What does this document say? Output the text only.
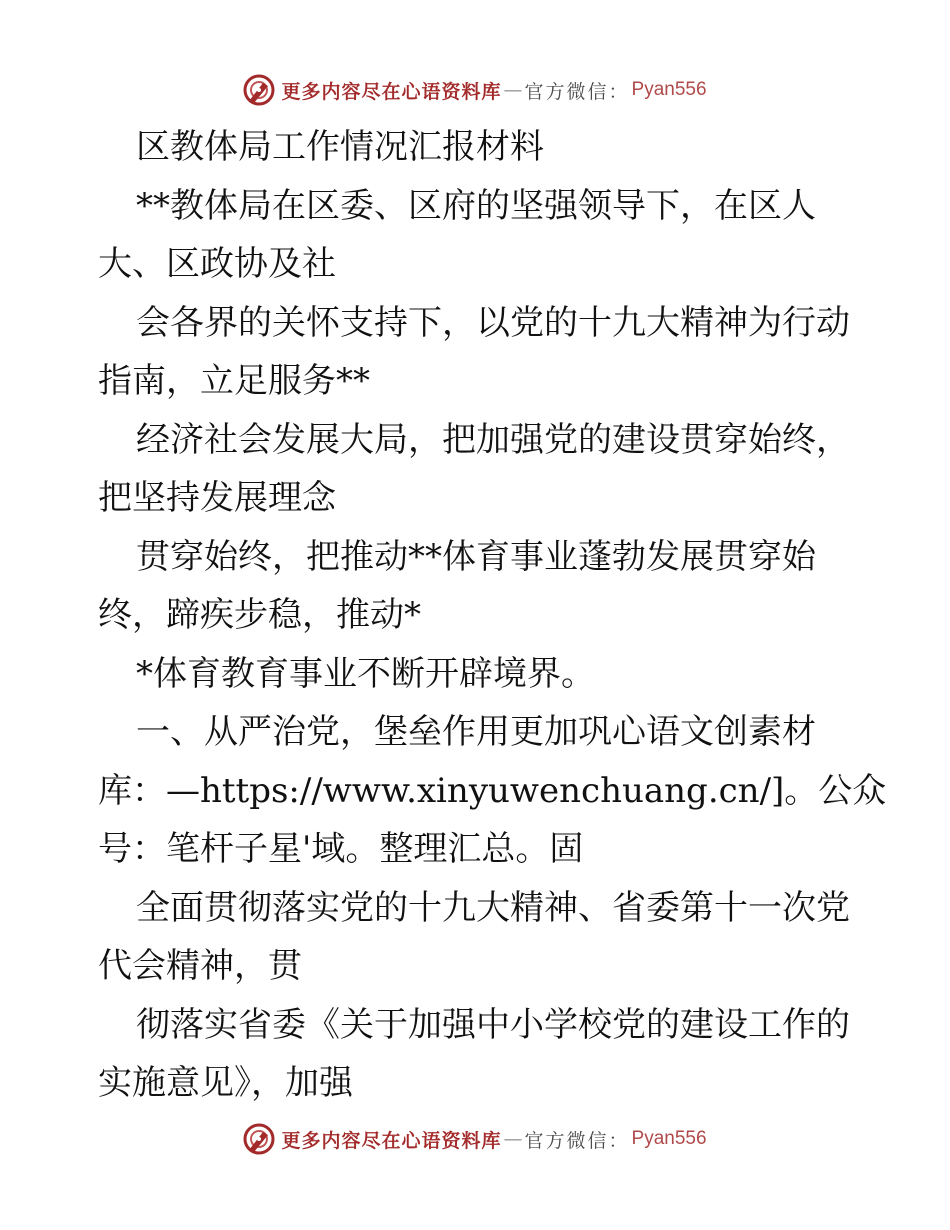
更多内容尽在心语资料库 — 官方微信 ： Pyan556
区教体局工作情况汇报材料
**教体局在区委、区府的坚强领导下，在区人
大、区政协及社
会各界的关怀支持下，以党的十九大精神为行动
指南，立足服务**
经济社会发展大局，把加强党的建设贯穿始终，
把坚持发展理念
贯穿始终，把推动**体育事业蓬勃发展贯穿始
终，蹄疾步稳，推动*
*体育教育事业不断开辟境界。
一、从严治党，堡垒作用更加巩心语文创素材
库：—https://www.xinyuwenchuang.cn/]。公众
号：笔杆子星'域。整理汇总。固
全面贯彻落实党的十九大精神、省委第十一次党
代会精神，贯
彻落实省委《关于加强中小学校党的建设工作的
实施意见》，加强
更多内容尽在心语资料库 — 官方微信 ： Pyan556
